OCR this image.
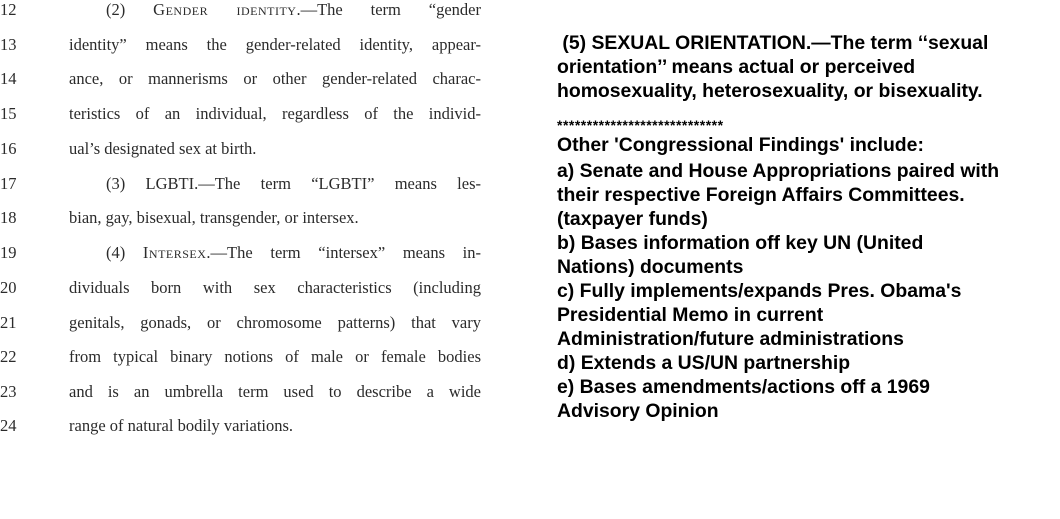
12	(2) Gender identity.—The term “gender
13	identity” means the gender-related identity, appear-
14	ance, or mannerisms or other gender-related charac-
15	teristics of an individual, regardless of the individ-
16	ual’s designated sex at birth.
17	(3) LGBTI.—The term “LGBTI” means les-
18	bian, gay, bisexual, transgender, or intersex.
19	(4) Intersex.—The term “intersex” means in-
20	dividuals born with sex characteristics (including
21	genitals, gonads, or chromosome patterns) that vary
22	from typical binary notions of male or female bodies
23	and is an umbrella term used to describe a wide
24	range of natural bodily variations.
(5) SEXUAL ORIENTATION.—The term ‘‘sexual
orientation’’ means actual or perceived
homosexuality, heterosexuality, or bisexuality.
****************************
Other 'Congressional Findings' include:
a) Senate and House Appropriations paired with
their respective Foreign Affairs Committees.
(taxpayer funds)
b) Bases information off key UN (United
Nations) documents
c) Fully implements/expands Pres. Obama's
Presidential Memo in current
Administration/future administrations
d) Extends a US/UN partnership
e) Bases amendments/actions off a 1969
Advisory Opinion
